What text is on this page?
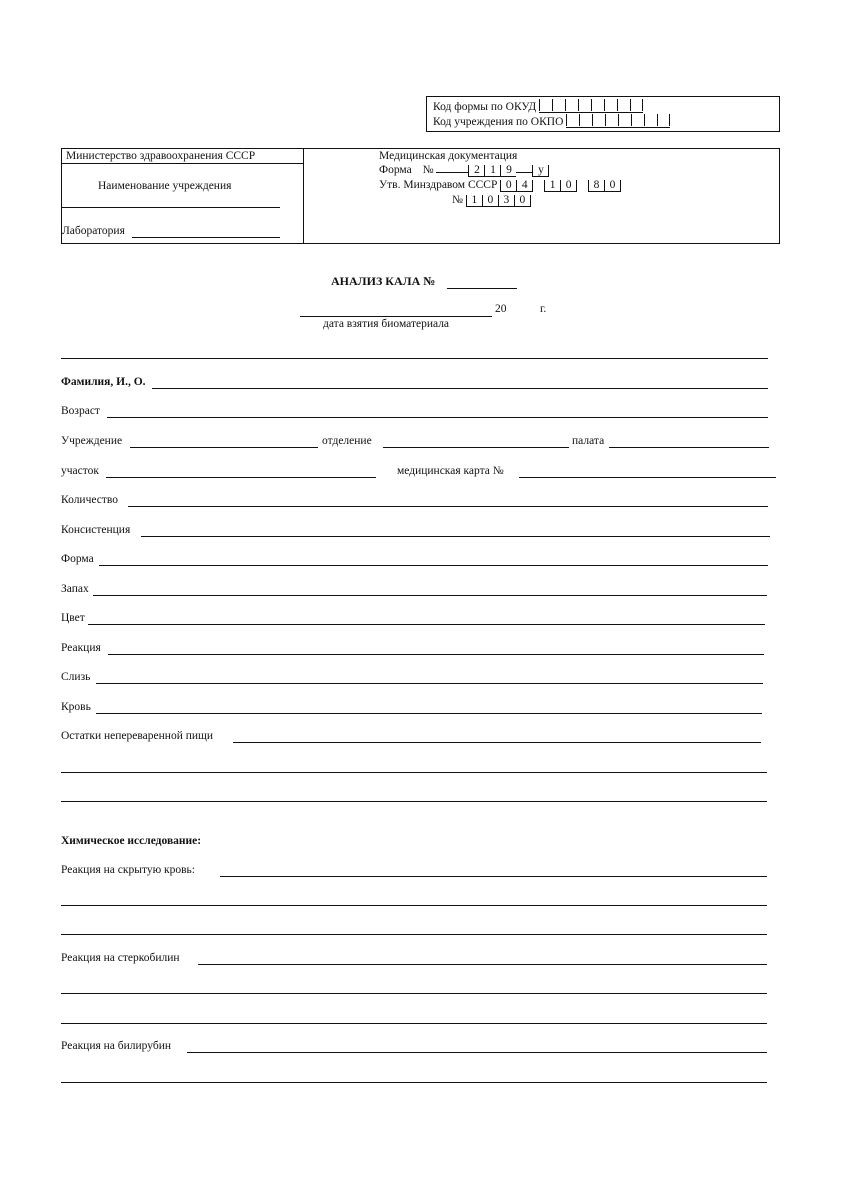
Код формы по ОКУД
Код учреждения по ОКПО
Министерство здравоохранения СССР
Наименование учреждения
Лаборатория
Медицинская документация
Форма №	2 1 9 у
Утв. Минздравом СССР 0 4 1 0 8 0
№ 1 0 3 0
АНАЛИЗ КАЛА №
20	г.
дата взятия биоматериала
Фамилия, И., О.
Возраст
Учреждение	отделение	палата
участок	медицинская карта №
Количество
Консистенция
Форма
Запах
Цвет
Реакция
Слизь
Кровь
Остатки непереваренной пищи
Химическое исследование:
Реакция на скрытую кровь:
Реакция на стеркобилин
Реакция на билирубин
